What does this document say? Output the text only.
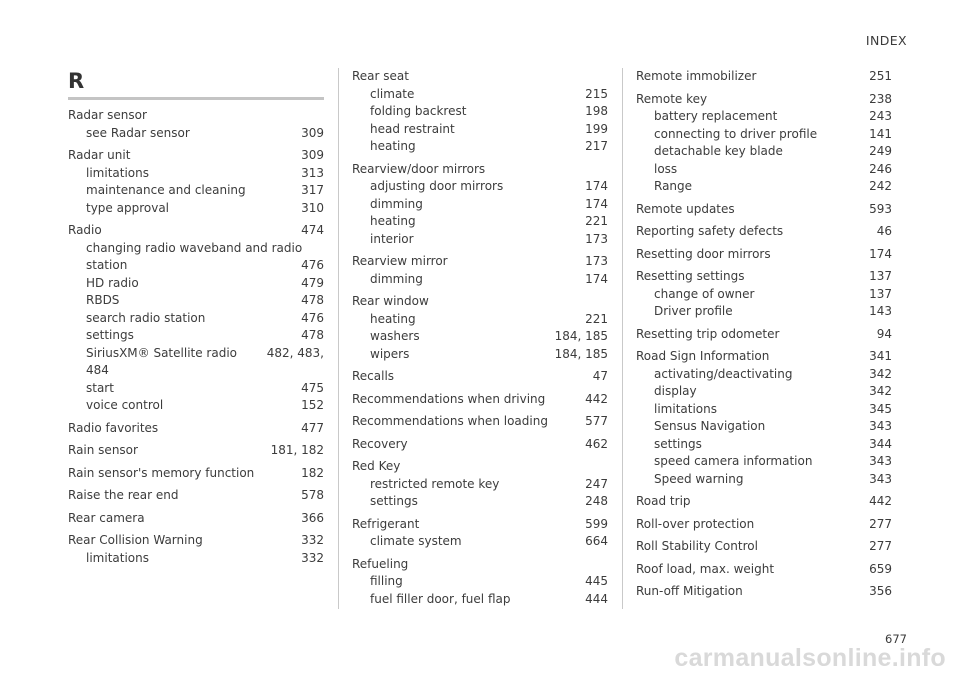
INDEX
R
Radar sensor
see Radar sensor	309
Radar unit	309
limitations	313
maintenance and cleaning	317
type approval	310
Radio	474
changing radio waveband and radio
station	476
HD radio	479
RBDS	478
search radio station	476
settings	478
SiriusXM® Satellite radio	482, 483,
484
start	475
voice control	152
Radio favorites	477
Rain sensor	181, 182
Rain sensor's memory function	182
Raise the rear end	578
Rear camera	366
Rear Collision Warning	332
limitations	332
Rear seat
climate	215
folding backrest	198
head restraint	199
heating	217
Rearview/door mirrors
adjusting door mirrors	174
dimming	174
heating	221
interior	173
Rearview mirror	173
dimming	174
Rear window
heating	221
washers	184, 185
wipers	184, 185
Recalls	47
Recommendations when driving	442
Recommendations when loading	577
Recovery	462
Red Key
restricted remote key	247
settings	248
Refrigerant	599
climate system	664
Refueling
filling	445
fuel filler door, fuel flap	444
Remote immobilizer	251
Remote key	238
battery replacement	243
connecting to driver profile	141
detachable key blade	249
loss	246
Range	242
Remote updates	593
Reporting safety defects	46
Resetting door mirrors	174
Resetting settings	137
change of owner	137
Driver profile	143
Resetting trip odometer	94
Road Sign Information	341
activating/deactivating	342
display	342
limitations	345
Sensus Navigation	343
settings	344
speed camera information	343
Speed warning	343
Road trip	442
Roll-over protection	277
Roll Stability Control	277
Roof load, max. weight	659
Run-off Mitigation	356
677
carmanualsonline.info
